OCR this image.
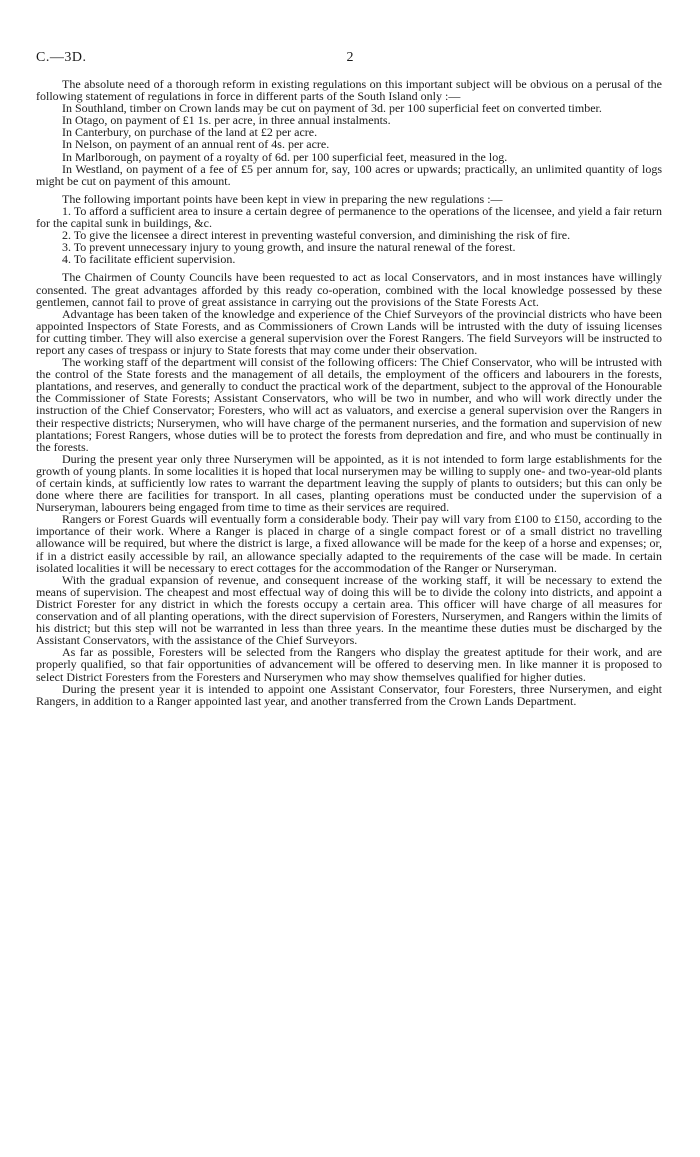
C.—3D.	2

The absolute need of a thorough reform in existing regulations on this important subject will be obvious on a perusal of the following statement of regulations in force in different parts of the South Island only :—

In Southland, timber on Crown lands may be cut on payment of 3d. per 100 superficial feet on converted timber.

In Otago, on payment of £1 1s. per acre, in three annual instalments.

In Canterbury, on purchase of the land at £2 per acre.

In Nelson, on payment of an annual rent of 4s. per acre.

In Marlborough, on payment of a royalty of 6d. per 100 superficial feet, measured in the log.

In Westland, on payment of a fee of £5 per annum for, say, 100 acres or upwards; practically, an unlimited quantity of logs might be cut on payment of this amount.

The following important points have been kept in view in preparing the new regulations :—

1. To afford a sufficient area to insure a certain degree of permanence to the operations of the licensee, and yield a fair return for the capital sunk in buildings, &c.

2. To give the licensee a direct interest in preventing wasteful conversion, and diminishing the risk of fire.

3. To prevent unnecessary injury to young growth, and insure the natural renewal of the forest.

4. To facilitate efficient supervision.

The Chairmen of County Councils have been requested to act as local Conservators, and in most instances have willingly consented. The great advantages afforded by this ready co-operation, combined with the local knowledge possessed by these gentlemen, cannot fail to prove of great assistance in carrying out the provisions of the State Forests Act.

Advantage has been taken of the knowledge and experience of the Chief Surveyors of the provincial districts who have been appointed Inspectors of State Forests, and as Commissioners of Crown Lands will be intrusted with the duty of issuing licenses for cutting timber. They will also exercise a general supervision over the Forest Rangers. The field Surveyors will be instructed to report any cases of trespass or injury to State forests that may come under their observation.

The working staff of the department will consist of the following officers: The Chief Conservator, who will be intrusted with the control of the State forests and the management of all details, the employment of the officers and labourers in the forests, plantations, and reserves, and generally to conduct the practical work of the department, subject to the approval of the Honourable the Commissioner of State Forests; Assistant Conservators, who will be two in number, and who will work directly under the instruction of the Chief Conservator; Foresters, who will act as valuators, and exercise a general supervision over the Rangers in their respective districts; Nurserymen, who will have charge of the permanent nurseries, and the formation and supervision of new plantations; Forest Rangers, whose duties will be to protect the forests from depredation and fire, and who must be continually in the forests.

During the present year only three Nurserymen will be appointed, as it is not intended to form large establishments for the growth of young plants. In some localities it is hoped that local nurserymen may be willing to supply one- and two-year-old plants of certain kinds, at sufficiently low rates to warrant the department leaving the supply of plants to outsiders; but this can only be done where there are facilities for transport. In all cases, planting operations must be conducted under the supervision of a Nurseryman, labourers being engaged from time to time as their services are required.

Rangers or Forest Guards will eventually form a considerable body. Their pay will vary from £100 to £150, according to the importance of their work. Where a Ranger is placed in charge of a single compact forest or of a small district no travelling allowance will be required, but where the district is large, a fixed allowance will be made for the keep of a horse and expenses; or, if in a district easily accessible by rail, an allowance specially adapted to the requirements of the case will be made. In certain isolated localities it will be necessary to erect cottages for the accommodation of the Ranger or Nurseryman.

With the gradual expansion of revenue, and consequent increase of the working staff, it will be necessary to extend the means of supervision. The cheapest and most effectual way of doing this will be to divide the colony into districts, and appoint a District Forester for any district in which the forests occupy a certain area. This officer will have charge of all measures for conservation and of all planting operations, with the direct supervision of Foresters, Nurserymen, and Rangers within the limits of his district; but this step will not be warranted in less than three years. In the meantime these duties must be discharged by the Assistant Conservators, with the assistance of the Chief Surveyors.

As far as possible, Foresters will be selected from the Rangers who display the greatest aptitude for their work, and are properly qualified, so that fair opportunities of advancement will be offered to deserving men. In like manner it is proposed to select District Foresters from the Foresters and Nurserymen who may show themselves qualified for higher duties.

During the present year it is intended to appoint one Assistant Conservator, four Foresters, three Nurserymen, and eight Rangers, in addition to a Ranger appointed last year, and another transferred from the Crown Lands Department.
